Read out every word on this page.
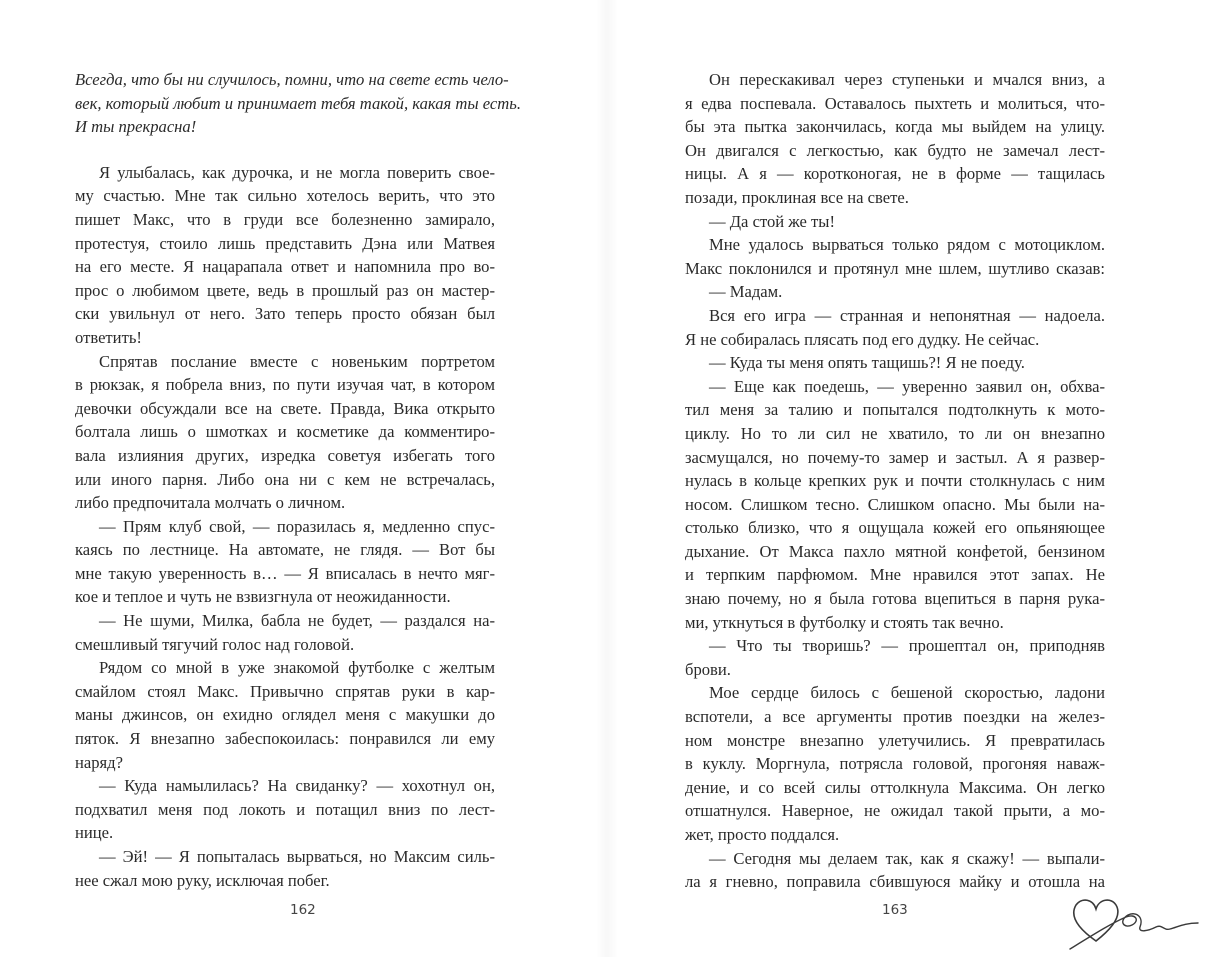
Всегда, что бы ни случилось, помни, что на свете есть чело-
век, который любит и принимает тебя такой, какая ты есть.
И ты прекрасна!
Я улыбалась, как дурочка, и не могла поверить свое-
му счастью. Мне так сильно хотелось верить, что это
пишет Макс, что в груди все болезненно замирало,
протестуя, стоило лишь представить Дэна или Матвея
на его месте. Я нацарапала ответ и напомнила про во-
прос о любимом цвете, ведь в прошлый раз он мастер-
ски увильнул от него. Зато теперь просто обязан был
ответить!
Спрятав послание вместе с новеньким портретом
в рюкзак, я побрела вниз, по пути изучая чат, в котором
девочки обсуждали все на свете. Правда, Вика открыто
болтала лишь о шмотках и косметике да комментиро-
вала излияния других, изредка советуя избегать того
или иного парня. Либо она ни с кем не встречалась,
либо предпочитала молчать о личном.
— Прям клуб свой, — поразилась я, медленно спус-
каясь по лестнице. На автомате, не глядя. — Вот бы
мне такую уверенность в… — Я вписалась в нечто мяг-
кое и теплое и чуть не взвизгнула от неожиданности.
— Не шуми, Милка, бабла не будет, — раздался на-
смешливый тягучий голос над головой.
Рядом со мной в уже знакомой футболке с желтым
смайлом стоял Макс. Привычно спрятав руки в кар-
маны джинсов, он ехидно оглядел меня с макушки до
пяток. Я внезапно забеспокоилась: понравился ли ему
наряд?
— Куда намылилась? На свиданку? — хохотнул он,
подхватил меня под локоть и потащил вниз по лест-
нице.
— Эй! — Я попыталась вырваться, но Максим силь-
нее сжал мою руку, исключая побег.
162
Он перескакивал через ступеньки и мчался вниз, а
я едва поспевала. Оставалось пыхтеть и молиться, что-
бы эта пытка закончилась, когда мы выйдем на улицу.
Он двигался с легкостью, как будто не замечал лест-
ницы. А я — коротконогая, не в форме — тащилась
позади, проклиная все на свете.
— Да стой же ты!
Мне удалось вырваться только рядом с мотоциклом.
Макс поклонился и протянул мне шлем, шутливо сказав:
— Мадам.
Вся его игра — странная и непонятная — надоела.
Я не собиралась плясать под его дудку. Не сейчас.
— Куда ты меня опять тащишь?! Я не поеду.
— Еще как поедешь, — уверенно заявил он, обхва-
тил меня за талию и попытался подтолкнуть к мото-
циклу. Но то ли сил не хватило, то ли он внезапно
засмущался, но почему-то замер и застыл. А я развер-
нулась в кольце крепких рук и почти столкнулась с ним
носом. Слишком тесно. Слишком опасно. Мы были на-
столько близко, что я ощущала кожей его опьяняющее
дыхание. От Макса пахло мятной конфетой, бензином
и терпким парфюмом. Мне нравился этот запах. Не
знаю почему, но я была готова вцепиться в парня рука-
ми, уткнуться в футболку и стоять так вечно.
— Что ты творишь? — прошептал он, приподняв
брови.
Мое сердце билось с бешеной скоростью, ладони
вспотели, а все аргументы против поездки на желез-
ном монстре внезапно улетучились. Я превратилась
в куклу. Моргнула, потрясла головой, прогоняя наваж-
дение, и со всей силы оттолкнула Максима. Он легко
отшатнулся. Наверное, не ожидал такой прыти, а мо-
жет, просто поддался.
— Сегодня мы делаем так, как я скажу! — выпали-
ла я гневно, поправила сбившуюся майку и отошла на
163
